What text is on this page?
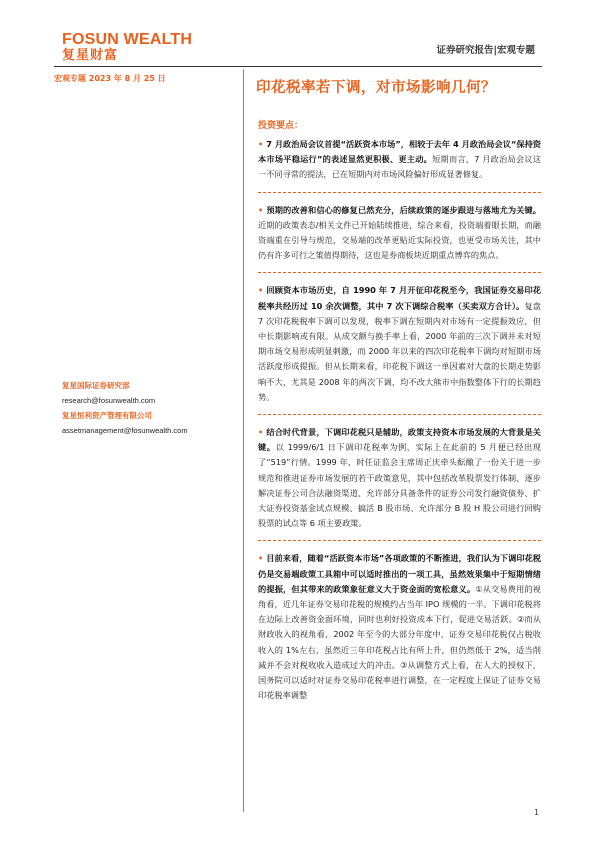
FOSUN WEALTH
复星财富	证券研究报告|宏观专题
宏观专题 2023 年 8 月 25 日
印花税率若下调，对市场影响几何？
复星国际证券研究部
research@fosunwealth.com
复星恒利资产管理有限公司
assetmanagement@fosunwealth.com
投资要点：
• 7 月政治局会议首提“活跃资本市场”，相较于去年 4 月政治局会议“保持资本市场平稳运行”的表述显然更积极、更主动。短期而言，7 月政治局会议这一不同寻常的提法，已在短期内对市场风险偏好形成显著修复。
• 预期的改善和信心的修复已然充分，后续政策的逐步跟进与落地尤为关键。近期的政策表态/相关文件已开始陆续推进，综合来看，投资端着眼长期，而融资端重在引导与规范，交易端的改革更贴近实际投资，也更受市场关注，其中仍有许多可行之策值得期待，这也是券商板块近期重点博弈的焦点。
• 回顾资本市场历史，自 1990 年 7 月开征印花税至今，我国证券交易印花税率共经历过 10 余次调整，其中 7 次下调综合税率（买卖双方合计）。复盘 7 次印花税税率下调可以发现，税率下调在短期内对市场有一定提振效应，但中长期影响或有限。从成交额与换手率上看，2000 年前的三次下调并未对短期市场交易形成明显刺激，而 2000 年以来的四次印花税率下调均对短期市场活跃度形成提振。但从长期来看，印花税下调这一单因素对大盘的长期走势影响不大，尤其是 2008 年的两次下调，均不改大熊市中指数整体下行的长期趋势。
• 结合时代背景，下调印花税只是辅助，政策支持资本市场发展的大背景是关键。以 1999/6/1 日下调印花税率为例，实际上在此前的 5 月便已经出现了“519”行情。1999 年，时任证监会主席周正庆牵头酝酿了一份关于进一步规范和推进证券市场发展的若干政策意见，其中包括改革股票发行体制、逐步解决证券公司合法融资渠道、允许部分具备条件的证券公司发行融资债券、扩大证券投资基金试点规模、搞活 B 股市场、允许部分 B 股 H 股公司进行回购股票的试点等 6 项主要政策。
• 目前来看，随着“活跃资本市场”各项政策的不断推进，我们认为下调印花税仍是交易端政策工具箱中可以适时推出的一项工具，虽然效果集中于短期情绪的提振，但其带来的政策象征意义大于资金面的宽松意义。①从交易费用的视角看，近几年证券交易印花税的规模约占当年 IPO 规模的一半。下调印花税将在边际上改善资金面环境，同时也利好投资成本下行，促进交易活跃。②而从财政收入的视角看，2002 年至今的大部分年度中，证券交易印花税仅占税收收入的 1%左右，虽然近三年印花税占比有所上升，但仍然低于 2%，适当削减并不会对税收收入造成过大的冲击。③从调整方式上看，在人大的授权下，国务院可以适时对证券交易印花税率进行调整，在一定程度上保证了证券交易印花税率调整
1
